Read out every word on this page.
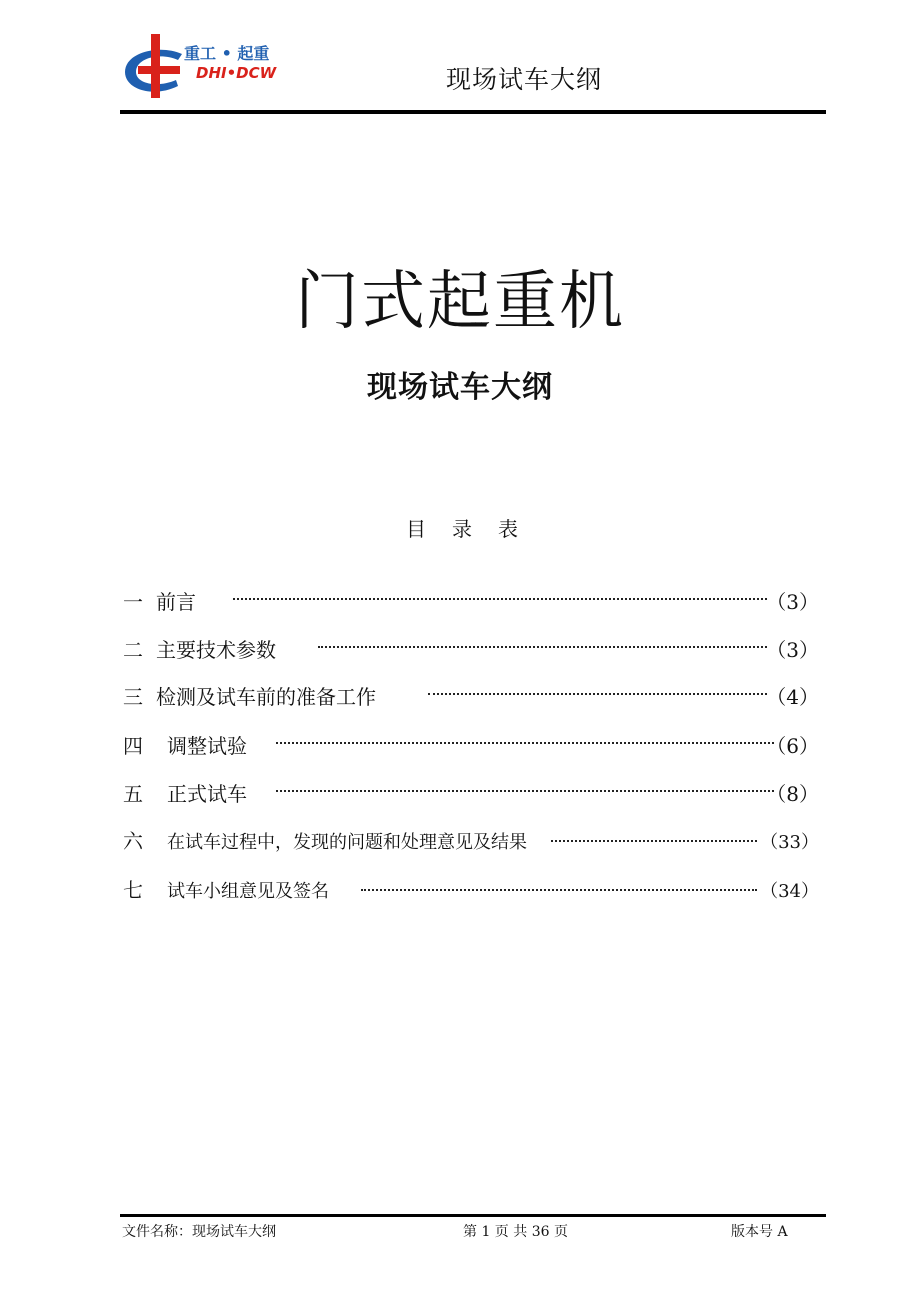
重工 • 起重
DHI•DCW	现场试车大纲
门式起重机
现场试车大纲
目录表
一 前言	（3）
二 主要技术参数	（3）
三 检测及试车前的准备工作	（4）
四 调整试验	（6）
五 正式试车	（8）
六 在试车过程中，发现的问题和处理意见及结果	（33）
七 试车小组意见及签名	（34）
文件名称：现场试车大纲	第 1 页 共 36 页	版本号 A
